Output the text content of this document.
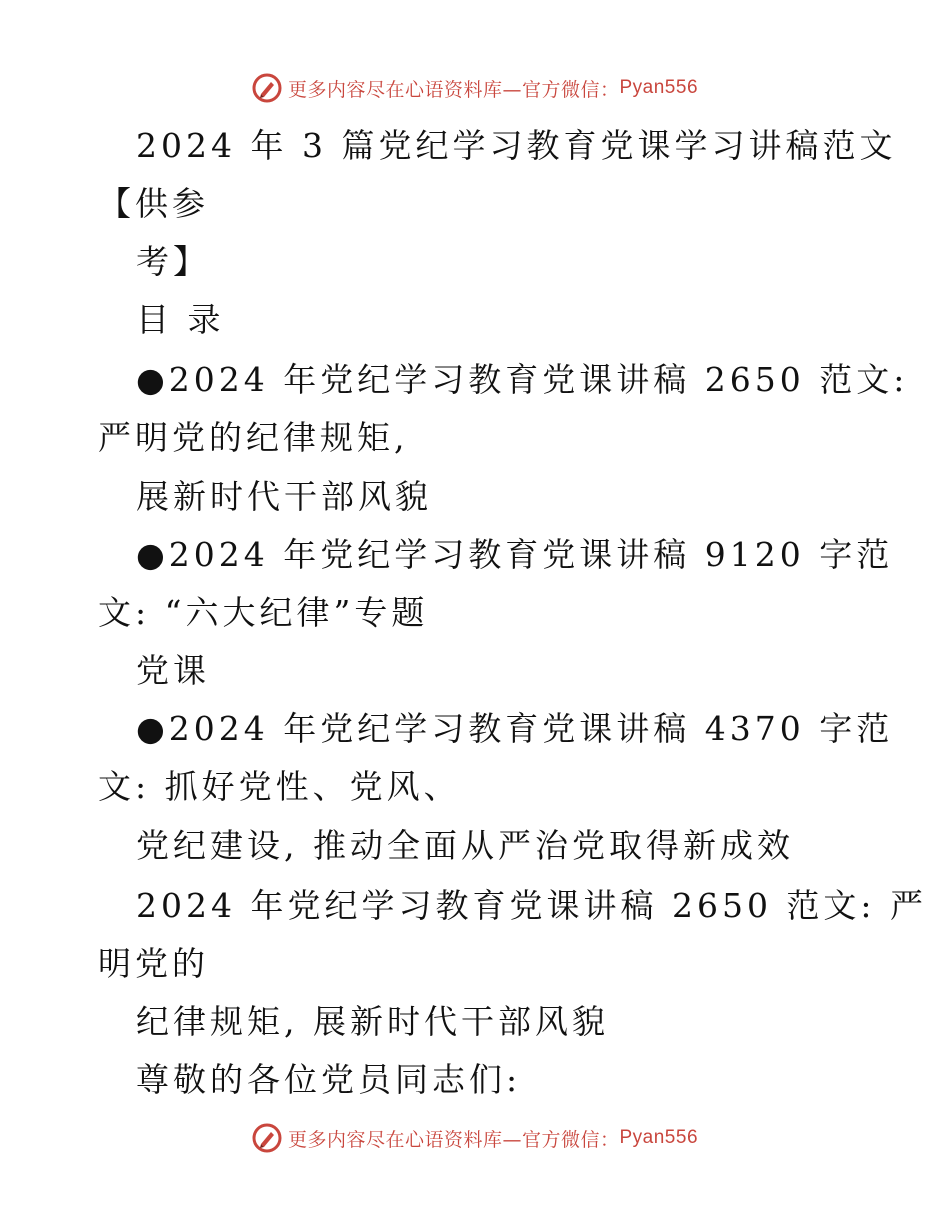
更多内容尽在心语资料库—官方微信： Pyan556
2024 年 3 篇党纪学习教育党课学习讲稿范文
【供参
考】
目 录
●2024 年党纪学习教育党课讲稿 2650 范文:
严明党的纪律规矩,
展新时代干部风貌
●2024 年党纪学习教育党课讲稿 9120 字范
文: “六大纪律”专题
党课
●2024 年党纪学习教育党课讲稿 4370 字范
文: 抓好党性、党风、
党纪建设, 推动全面从严治党取得新成效
2024 年党纪学习教育党课讲稿 2650 范文: 严
明党的
纪律规矩, 展新时代干部风貌
尊敬的各位党员同志们:
更多内容尽在心语资料库—官方微信： Pyan556
